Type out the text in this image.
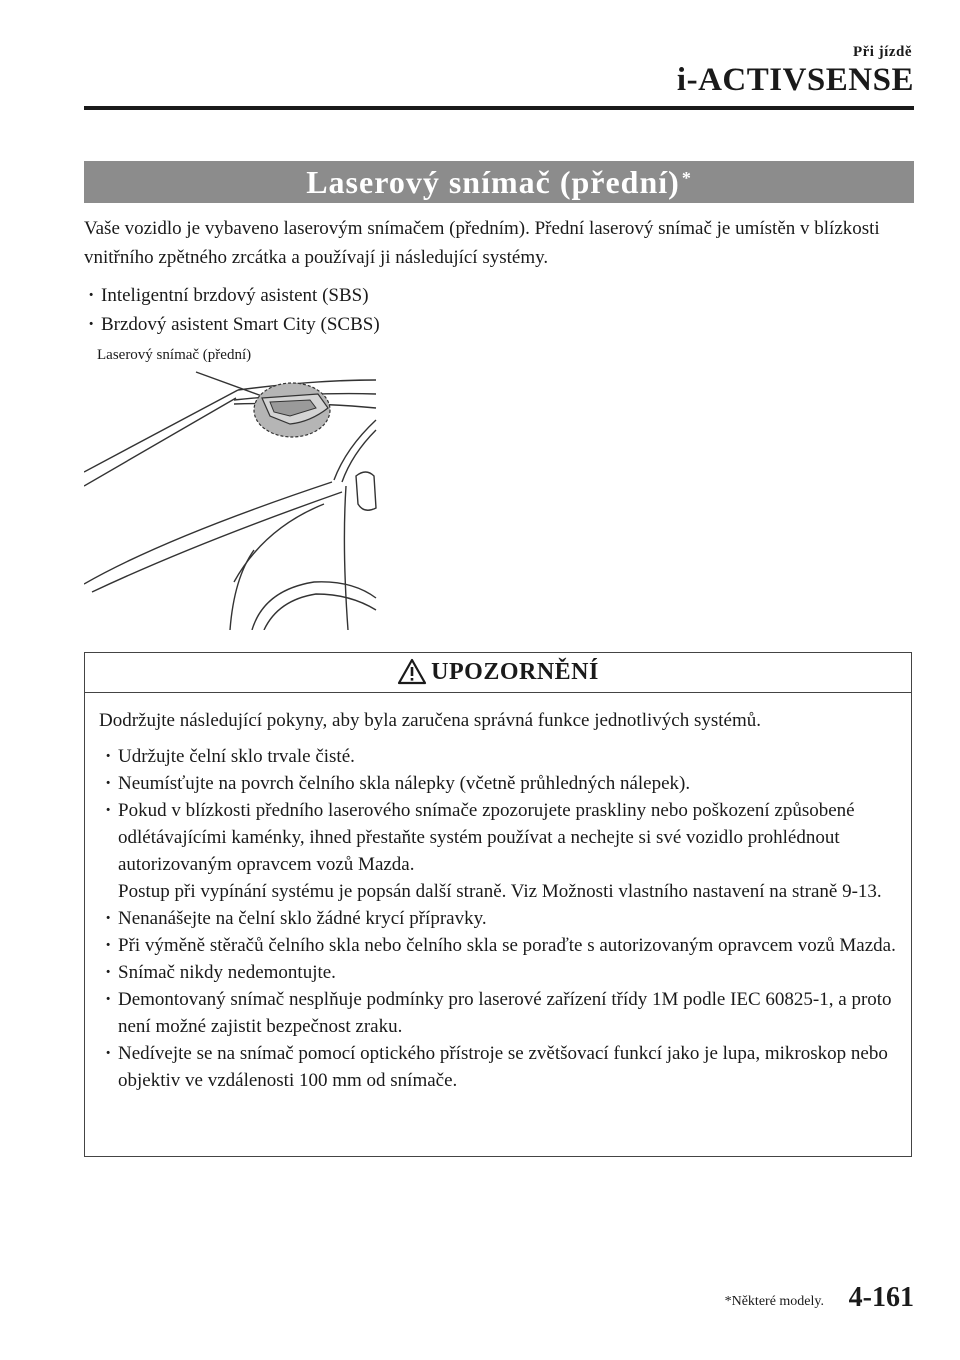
Při jízdě
i-ACTIVSENSE
Laserový snímač (přední)*

Vaše vozidlo je vybaveno laserovým snímačem (předním). Přední laserový snímač je umístěn v blízkosti vnitřního zpětného zrcátka a používají ji následující systémy.

· Inteligentní brzdový asistent (SBS)
· Brzdový asistent Smart City (SCBS)
Laserový snímač (přední)
UPOZORNĚNÍ

Dodržujte následující pokyny, aby byla zaručena správná funkce jednotlivých systémů.

· Udržujte čelní sklo trvale čisté.
· Neumísťujte na povrch čelního skla nálepky (včetně průhledných nálepek).
· Pokud v blízkosti předního laserového snímače zpozorujete praskliny nebo poškození způsobené odlétávajícími kaménky, ihned přestaňte systém používat a nechejte si své vozidlo prohlédnout autorizovaným opravcem vozů Mazda.
Postup při vypínání systému je popsán další straně. Viz Možnosti vlastního nastavení na straně 9-13.
· Nenanášejte na čelní sklo žádné krycí přípravky.
· Při výměně stěračů čelního skla nebo čelního skla se poraďte s autorizovaným opravcem vozů Mazda.
· Snímač nikdy nedemontujte.
· Demontovaný snímač nesplňuje podmínky pro laserové zařízení třídy 1M podle IEC 60825-1, a proto není možné zajistit bezpečnost zraku.
· Nedívejte se na snímač pomocí optického přístroje se zvětšovací funkcí jako je lupa, mikroskop nebo objektiv ve vzdálenosti 100 mm od snímače.
*Některé modely. 4-161
